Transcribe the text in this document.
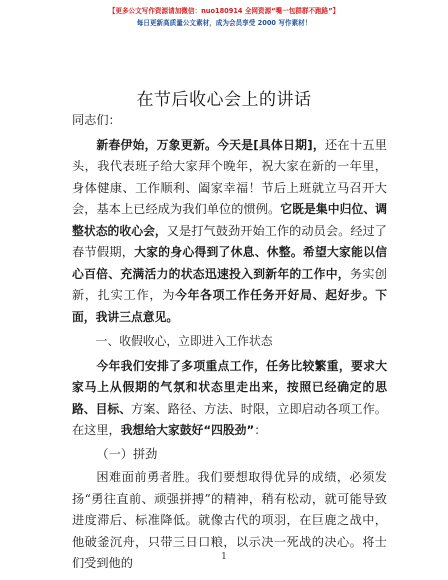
【更多公文写作资源请加微信：nuo180914 全网资源“嘴一包群群不跑路”】
每日更新高质量公文素材，成为会员享受 2000 写作素材！
在节后收心会上的讲话

同志们：

新春伊始，万象更新。今天是[具体日期]，还在十五里头，我代表班子给大家拜个晚年，祝大家在新的一年里，身体健康、工作顺利、阖家幸福！节后上班就立马召开大会，基本上已经成为我们单位的惯例。它既是集中归位、调整状态的收心会，又是打气鼓劲开始工作的动员会。经过了春节假期，大家的身心得到了休息、休整。希望大家能以信心百倍、充满活力的状态迅速投入到新年的工作中，务实创新，扎实工作，为今年各项工作任务开好局、起好步。下面，我讲三点意见。

一、收假收心，立即进入工作状态

今年我们安排了多项重点工作，任务比较繁重，要求大家马上从假期的气氛和状态里走出来，按照已经确定的思路、目标、方案、路径、方法、时限，立即启动各项工作。在这里，我想给大家鼓好“四股劲”：

（一）拼劲

困难面前勇者胜。我们要想取得优异的成绩，必须发扬“勇往直前、顽强拼搏”的精神，稍有松动，就可能导致进度滞后、标准降低。就像古代的项羽，在巨鹿之战中，他破釜沉舟，只带三日口粮，以示决一死战的决心。将士们受到他的	1
